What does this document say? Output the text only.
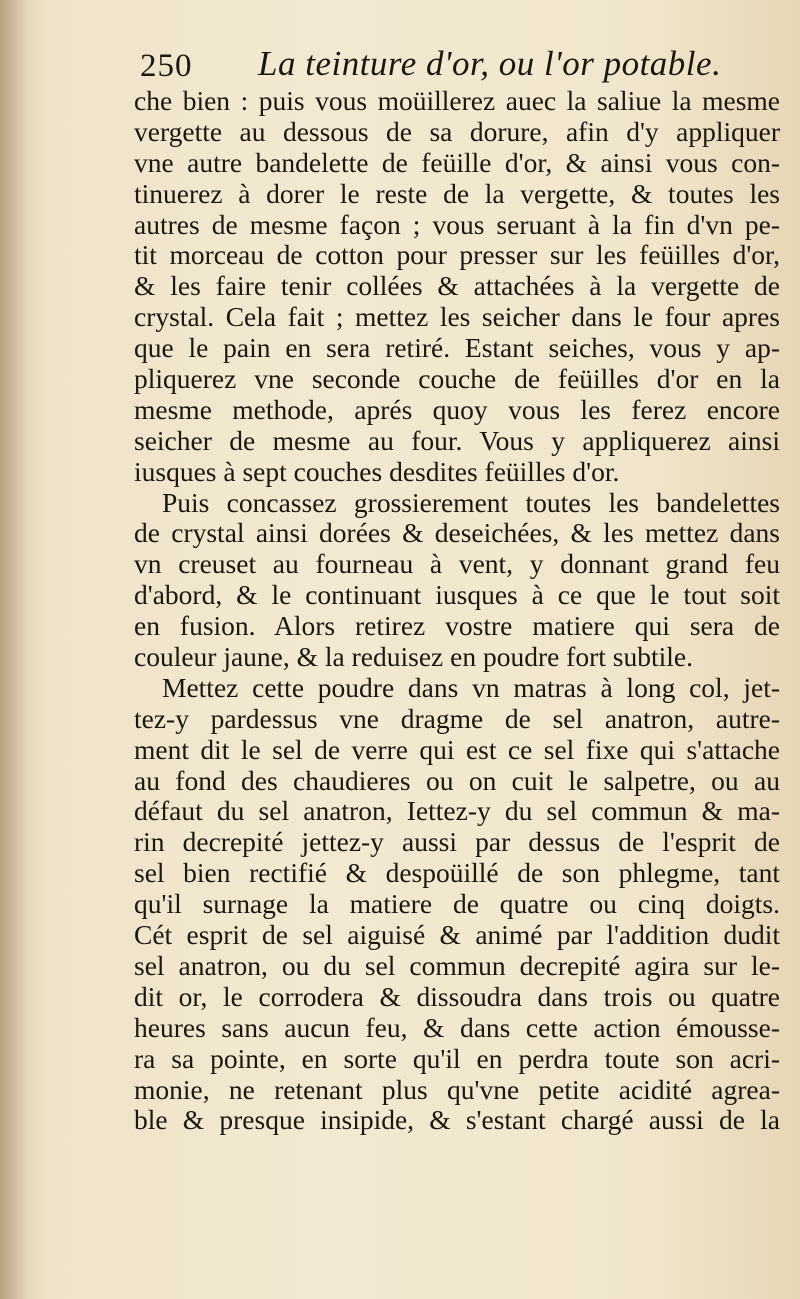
250 La teinture d'or, ou l'or potable.
che bien : puis vous moüillerez auec la saliue la mesme
vergette au dessous de sa dorure, afin d'y appliquer
vne autre bandelette de feüille d'or, & ainsi vous con-
tinuerez à dorer le reste de la vergette, & toutes les
autres de mesme façon ; vous seruant à la fin d'vn pe-
tit morceau de cotton pour presser sur les feüilles d'or,
& les faire tenir collées & attachées à la vergette de
crystal. Cela fait ; mettez les seicher dans le four apres
que le pain en sera retiré. Estant seiches, vous y ap-
pliquerez vne seconde couche de feüilles d'or en la
mesme methode, aprés quoy vous les ferez encore
seicher de mesme au four. Vous y appliquerez ainsi
iusques à sept couches desdites feüilles d'or.
Puis concassez grossierement toutes les bandelettes
de crystal ainsi dorées & deseichées, & les mettez dans
vn creuset au fourneau à vent, y donnant grand feu
d'abord, & le continuant iusques à ce que le tout soit
en fusion. Alors retirez vostre matiere qui sera de
couleur jaune, & la reduisez en poudre fort subtile.
Mettez cette poudre dans vn matras à long col, jet-
tez-y pardessus vne dragme de sel anatron, autre-
ment dit le sel de verre qui est ce sel fixe qui s'attache
au fond des chaudieres ou on cuit le salpetre, ou au
défaut du sel anatron, Iettez-y du sel commun & ma-
rin decrepité jettez-y aussi par dessus de l'esprit de
sel bien rectifié & despoüillé de son phlegme, tant
qu'il surnage la matiere de quatre ou cinq doigts.
Cét esprit de sel aiguisé & animé par l'addition dudit
sel anatron, ou du sel commun decrepité agira sur le-
dit or, le corrodera & dissoudra dans trois ou quatre
heures sans aucun feu, & dans cette action émousse-
ra sa pointe, en sorte qu'il en perdra toute son acri-
monie, ne retenant plus qu'vne petite acidité agrea-
ble & presque insipide, & s'estant chargé aussi de la
